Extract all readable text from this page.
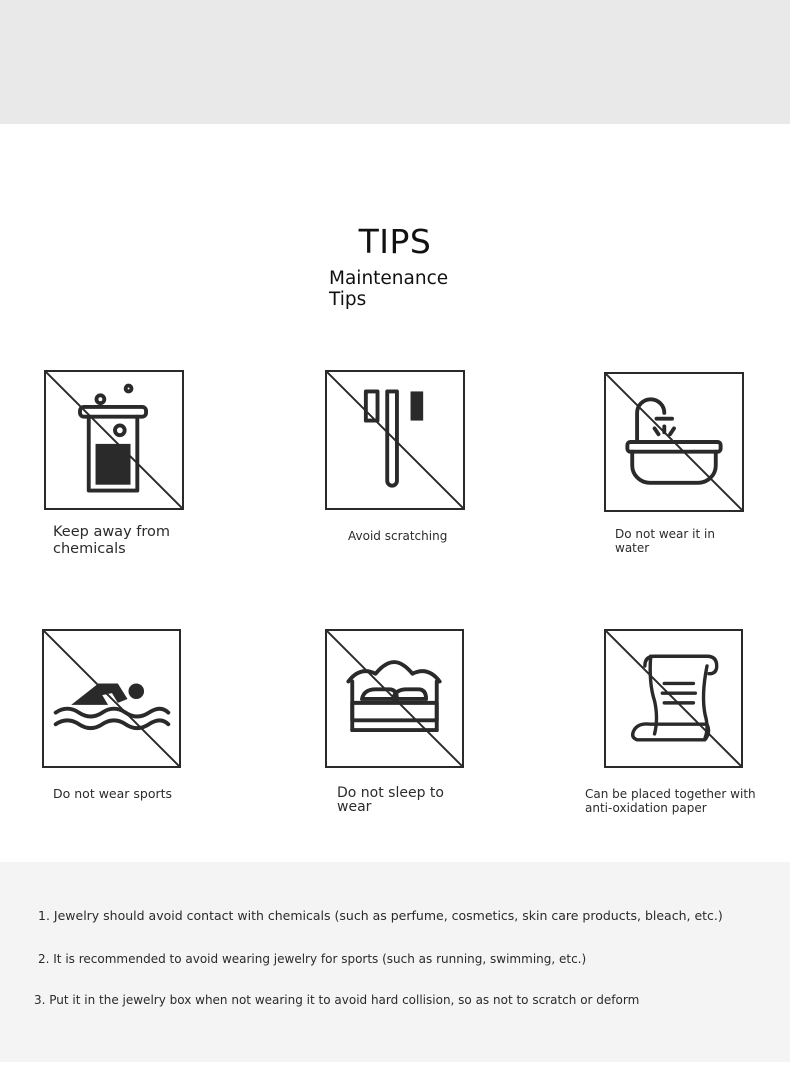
TIPS
Maintenance Tips
Keep away from chemicals
Avoid scratching	Do not wear it in water
Do not wear sports	Do not sleep to wear
Can be placed together with anti-oxidation paper
1. Jewelry should avoid contact with chemicals (such as perfume, cosmetics, skin care products, bleach, etc.)
2. It is recommended to avoid wearing jewelry for sports (such as running, swimming, etc.)
3. Put it in the jewelry box when not wearing it to avoid hard collision, so as not to scratch or deform
